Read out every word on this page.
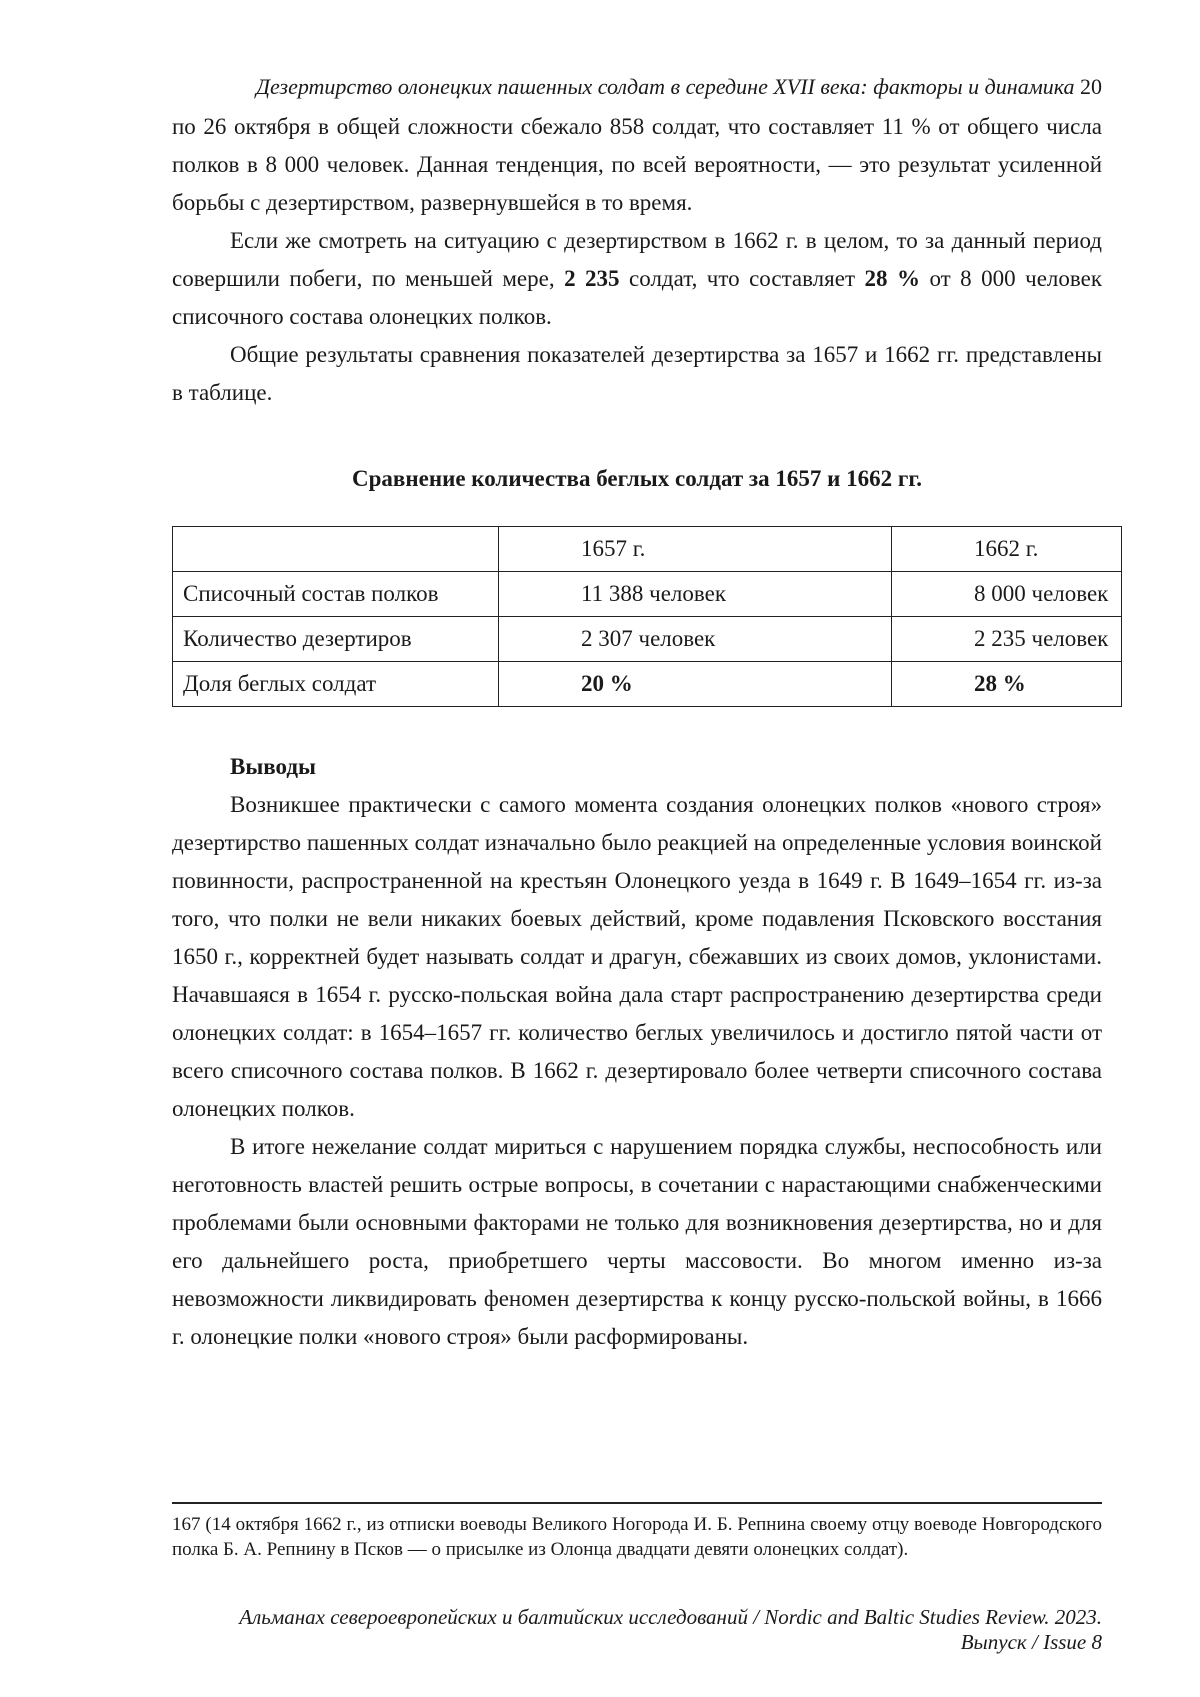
Дезертирство олонецких пашенных солдат в середине XVII века: факторы и динамика 20

по 26 октября в общей сложности сбежало 858 солдат, что составляет 11 % от общего числа полков в 8 000 человек. Данная тенденция, по всей вероятности, — это результат усиленной борьбы с дезертирством, развернувшейся в то время.

Если же смотреть на ситуацию с дезертирством в 1662 г. в целом, то за данный период совершили побеги, по меньшей мере, 2 235 солдат, что составляет 28 % от 8 000 человек списочного состава олонецких полков.

Общие результаты сравнения показателей дезертирства за 1657 и 1662 гг. представлены в таблице.

Сравнение количества беглых солдат за 1657 и 1662 гг.
	1657 г.	1662 г.
Списочный состав полков	11 388 человек	8 000 человек
Количество дезертиров	2 307 человек	2 235 человек
Доля беглых солдат	20 %	28 %
Выводы

Возникшее практически с самого момента создания олонецких полков «нового строя» дезертирство пашенных солдат изначально было реакцией на определенные условия воинской повинности, распространенной на крестьян Олонецкого уезда в 1649 г. В 1649–1654 гг. из-за того, что полки не вели никаких боевых действий, кроме подавления Псковского восстания 1650 г., корректней будет называть солдат и драгун, сбежавших из своих домов, уклонистами. Начавшаяся в 1654 г. русско-польская война дала старт распространению дезертирства среди олонецких солдат: в 1654–1657 гг. количество беглых увеличилось и достигло пятой части от всего списочного состава полков. В 1662 г. дезертировало более четверти списочного состава олонецких полков.

В итоге нежелание солдат мириться с нарушением порядка службы, неспособность или неготовность властей решить острые вопросы, в сочетании с нарастающими снабженческими проблемами были основными факторами не только для возникновения дезертирства, но и для его дальнейшего роста, приобретшего черты массовости. Во многом именно из-за невозможности ликвидировать феномен дезертирства к концу русско-польской войны, в 1666 г. олонецкие полки «нового строя» были расформированы.

167 (14 октября 1662 г., из отписки воеводы Великого Ногорода И. Б. Репнина своему отцу воеводе Новгородского полка Б. А. Репнину в Псков — о присылке из Олонца двадцати девяти олонецких солдат).
Альманах североевропейских и балтийских исследований / Nordic and Baltic Studies Review. 2023. Выпуск / Issue 8
